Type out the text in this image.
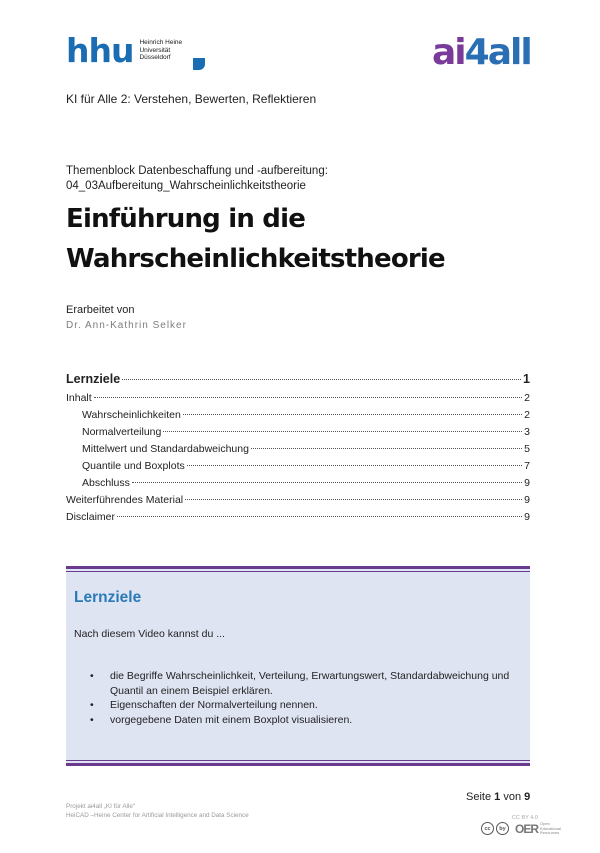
hhu Heinrich Heine
Universität
Düsseldorf	ai4all
KI für Alle 2: Verstehen, Bewerten, Reflektieren
Themenblock Datenbeschaffung und -aufbereitung:
04_03Aufbereitung_Wahrscheinlichkeitstheorie
Einführung in die Wahrscheinlichkeitstheorie
Erarbeitet von
Dr. Ann-Kathrin Selker
Lernziele	1
Inhalt	2
Wahrscheinlichkeiten	2
Normalverteilung	3
Mittelwert und Standardabweichung	5
Quantile und Boxplots	7
Abschluss	9
Weiterführendes Material	9
Disclaimer	9
Lernziele
Nach diesem Video kannst du ...
• die Begriffe Wahrscheinlichkeit, Verteilung, Erwartungswert, Standardabweichung und Quantil an einem Beispiel erklären.
• Eigenschaften der Normalverteilung nennen.
• vorgegebene Daten mit einem Boxplot visualisieren.
Seite 1 von 9
Projekt ai4all „KI für Alle“
HeiCAD –Heine Center for Artificial Intelligence and Data Science	CC BY 4.0
cc	by OER Open
Educational
Resources
